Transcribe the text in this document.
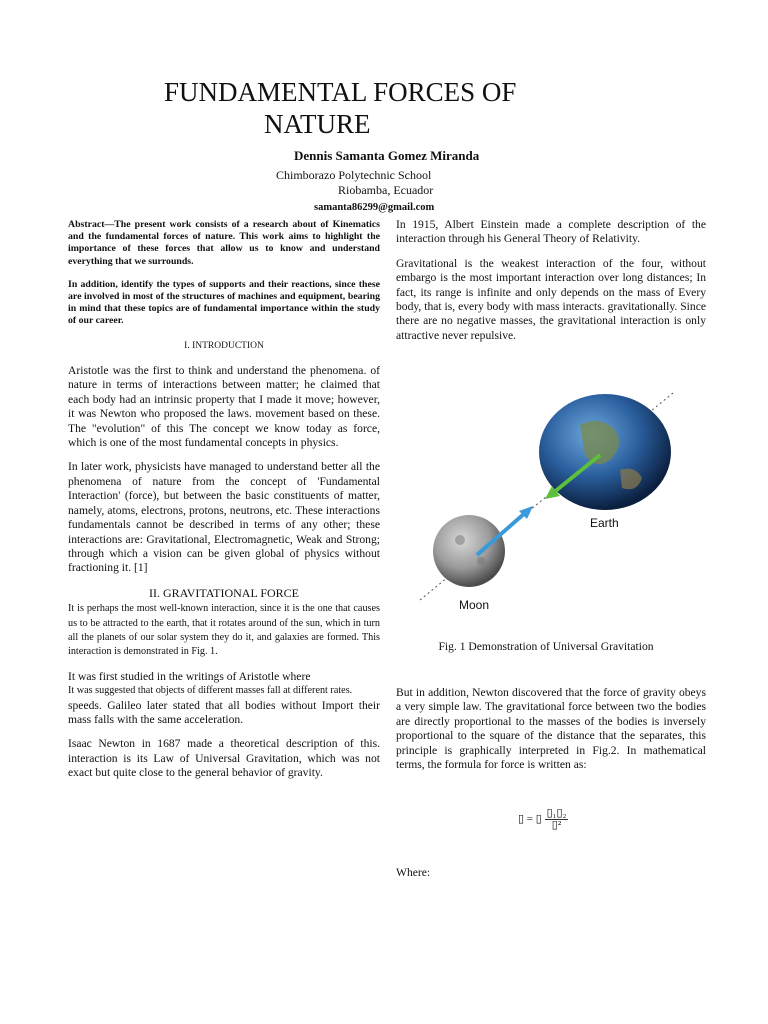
FUNDAMENTAL FORCES OF
NATURE
Dennis Samanta Gomez Miranda
Chimborazo Polytechnic School
Riobamba, Ecuador
samanta86299@gmail.com

Abstract—The present work consists of a research about of Kinematics and the fundamental forces of nature. This work aims to highlight the importance of these forces that allow us to know and understand everything that we surrounds.

In addition, identify the types of supports and their reactions, since these are involved in most of the structures of machines and equipment, bearing in mind that these topics are of fundamental importance within the study of our career.

I. INTRODUCTION

Aristotle was the first to think and understand the phenomena. of nature in terms of interactions between matter; he claimed that each body had an intrinsic property that I made it move; however, it was Newton who proposed the laws. movement based on these. The "evolution" of this The concept we know today as force, which is one of the most fundamental concepts in physics.

In later work, physicists have managed to understand better all the phenomena of nature from the concept of 'Fundamental Interaction' (force), but between the basic constituents of matter, namely, atoms, electrons, protons, neutrons, etc. These interactions fundamentals cannot be described in terms of any other; these interactions are: Gravitational, Electromagnetic, Weak and Strong; through which a vision can be given global of physics without fractioning it. [1]

II. GRAVITATIONAL FORCE

It is perhaps the most well-known interaction, since it is the one that causes us to be attracted to the earth, that it rotates around of the sun, which in turn all the planets of our solar system they do it, and galaxies are formed. This interaction is demonstrated in Fig. 1.

It was first studied in the writings of Aristotle where

It was suggested that objects of different masses fall at different rates.

speeds. Galileo later stated that all bodies without Import their mass falls with the same acceleration.

Isaac Newton in 1687 made a theoretical description of this. interaction is its Law of Universal Gravitation, which was not exact but quite close to the general behavior of gravity.

In 1915, Albert Einstein made a complete description of the interaction through his General Theory of Relativity.

Gravitational is the weakest interaction of the four, without embargo is the most important interaction over long distances; In fact, its range is infinite and only depends on the mass of Every body, that is, every body with mass interacts. gravitationally. Since there are no negative masses, the gravitational interaction is only attractive never repulsive.

Earth
Moon
Fig. 1 Demonstration of Universal Gravitation

But in addition, Newton discovered that the force of gravity obeys a very simple law. The gravitational force between two the bodies are directly proportional to the masses of the bodies is inversely proportional to the square of the distance that the separates, this principle is graphically interpreted in Fig.2. In mathematical terms, the formula for force is written as:

▯ = ▯ $\frac{\text{▯₁▯₂}}{\text{▯²}}$
Where:
